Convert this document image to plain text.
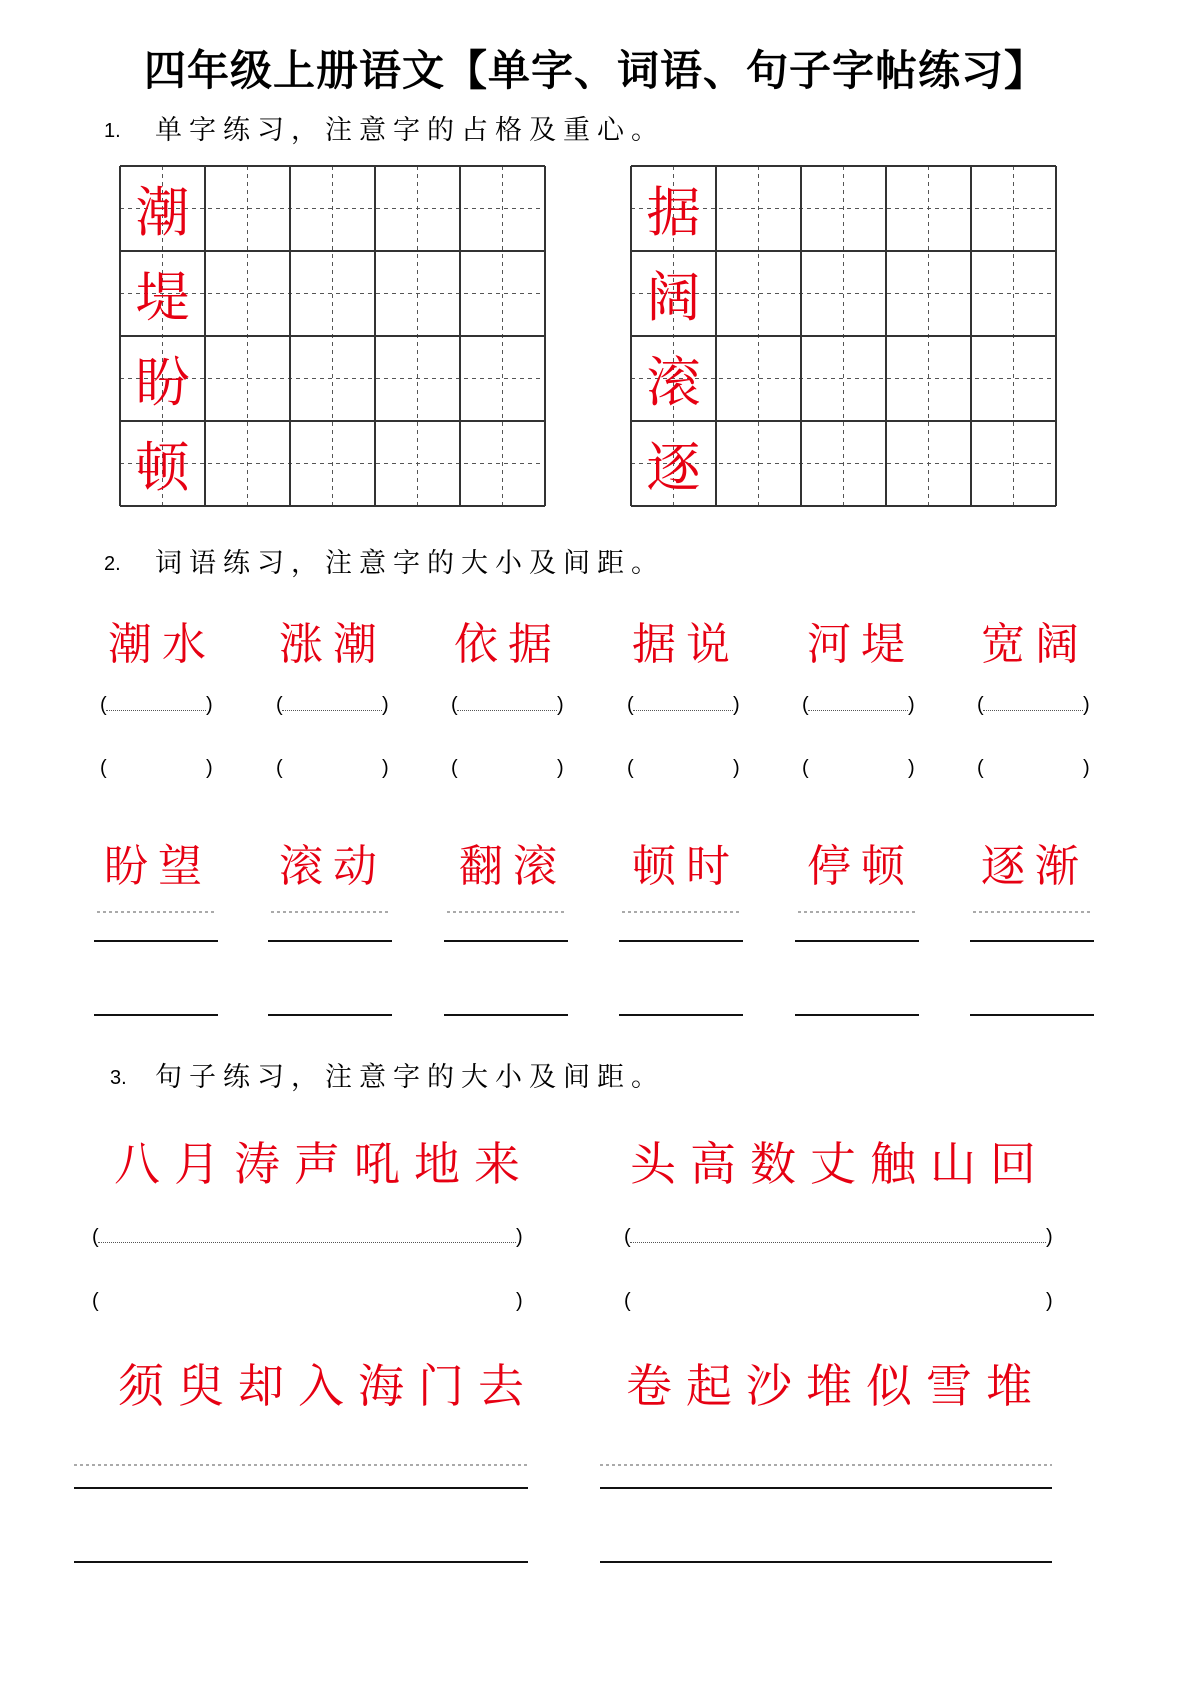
四年级上册语文【单字、词语、句子字帖练习】
1. 单字练习，注意字的占格及重心。
潮
堤
盼
顿
据
阔
滚
逐
2. 词语练习，注意字的大小及间距。
潮水 涨潮 依据 据说 河堤 宽阔
(	)
(	)
(	)
(	)
(	)
(	)
(	)
(	)
(	)
(	)
(	)
(	)
盼望 滚动 翻滚 顿时 停顿 逐渐
3. 句子练习，注意字的大小及间距。
八月涛声吼地来 头高数丈触山回
(	)
(	)
(	)
(	)
须臾却入海门去 卷起沙堆似雪堆
